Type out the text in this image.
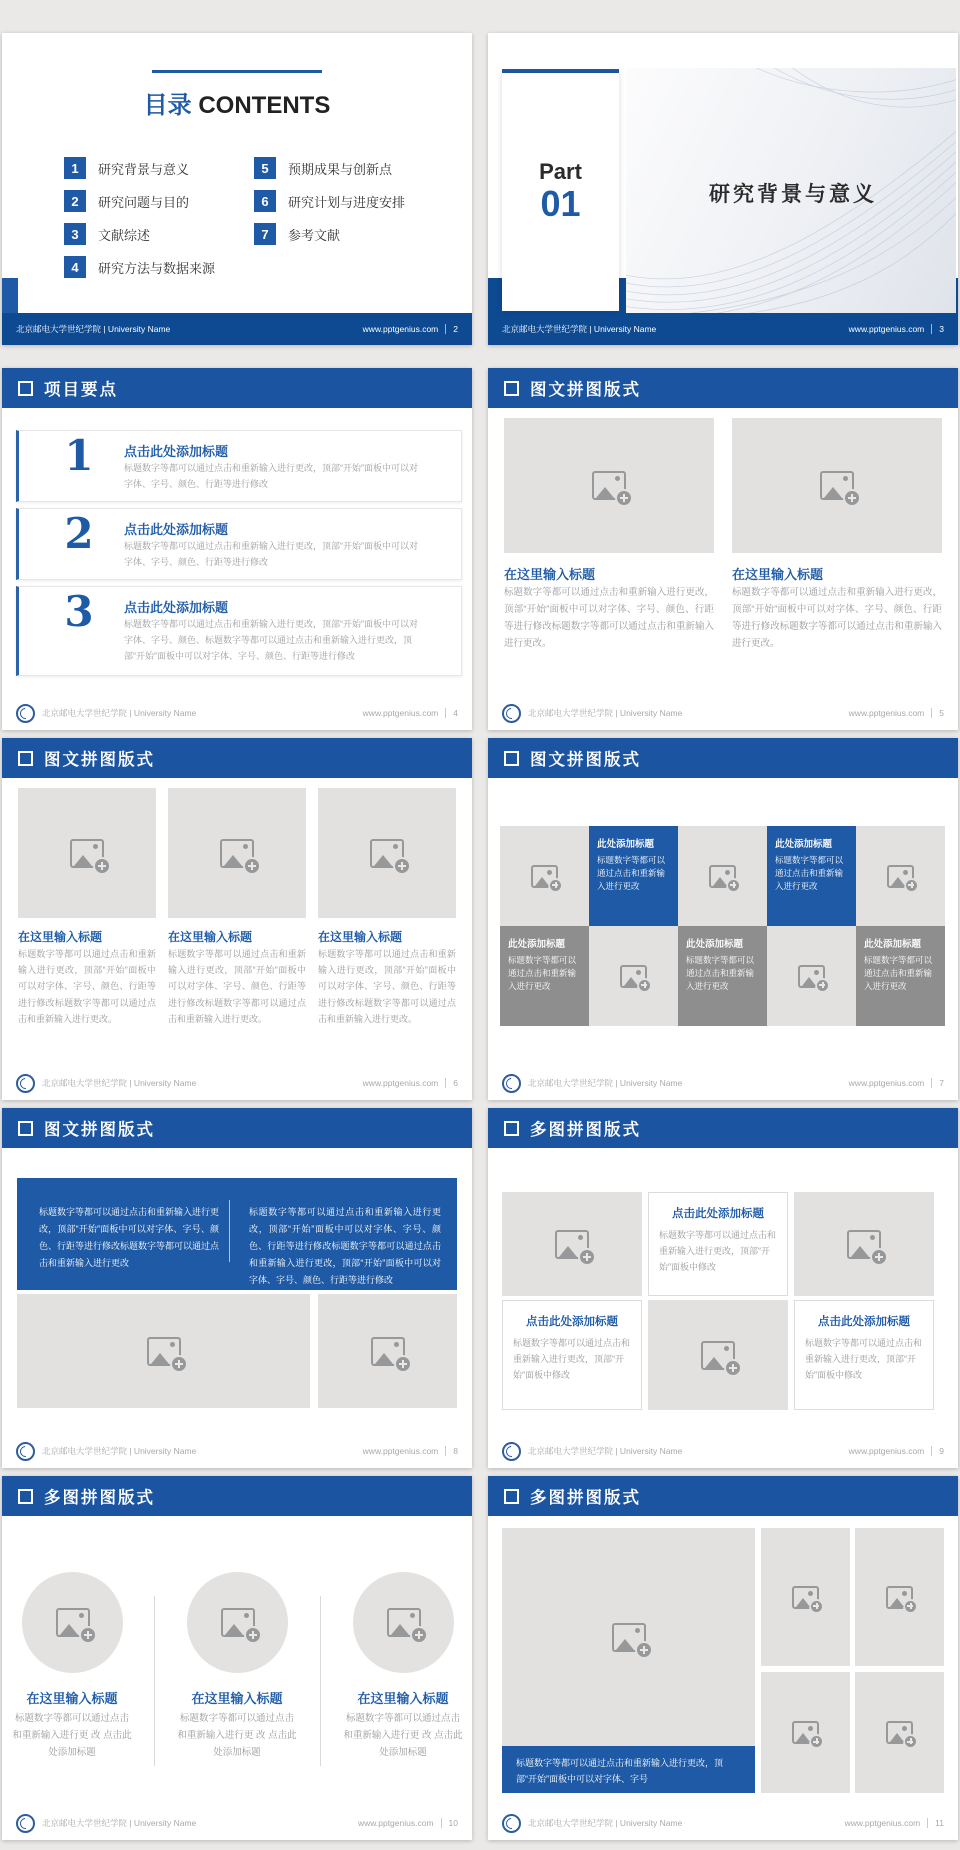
目录 CONTENTS
1	研究背景与意义
2	研究问题与目的
3	文献综述
4	研究方法与数据来源
5	预期成果与创新点
6	研究计划与进度安排
7	参考文献
北京邮电大学世纪学院 | University Name	www.pptgenius.com 2
Part
01	研究背景与意义
北京邮电大学世纪学院 | University Name	www.pptgenius.com 3
项目要点
1	点击此处添加标题
标题数字等都可以通过点击和重新输入进行更改，顶部“开始”面板中可以对字体、字号、颜色、行距等进行修改
2	点击此处添加标题
标题数字等都可以通过点击和重新输入进行更改，顶部“开始”面板中可以对字体、字号、颜色、行距等进行修改
3	点击此处添加标题
标题数字等都可以通过点击和重新输入进行更改，顶部“开始”面板中可以对字体、字号、颜色、标题数字等都可以通过点击和重新输入进行更改，顶部“开始”面板中可以对字体、字号、颜色、行距等进行修改
北京邮电大学世纪学院 | University Name	www.pptgenius.com 4
图文拼图版式
在这里输入标题	在这里输入标题
标题数字等都可以通过点击和重新输入进行更改，顶部“开始”面板中可以对字体、字号、颜色、行距等进行修改标题数字等都可以通过点击和重新输入进行更改。
标题数字等都可以通过点击和重新输入进行更改，顶部“开始”面板中可以对字体、字号、颜色、行距等进行修改标题数字等都可以通过点击和重新输入进行更改。
北京邮电大学世纪学院 | University Name	www.pptgenius.com 5
图文拼图版式
在这里输入标题	在这里输入标题	在这里输入标题
标题数字等都可以通过点击和重新输入进行更改，顶部“开始”面板中可以对字体、字号、颜色、行距等进行修改标题数字等都可以通过点击和重新输入进行更改。
标题数字等都可以通过点击和重新输入进行更改，顶部“开始”面板中可以对字体、字号、颜色、行距等进行修改标题数字等都可以通过点击和重新输入进行更改。
标题数字等都可以通过点击和重新输入进行更改，顶部“开始”面板中可以对字体、字号、颜色、行距等进行修改标题数字等都可以通过点击和重新输入进行更改。
北京邮电大学世纪学院 | University Name	www.pptgenius.com 6
图文拼图版式
此处添加标题
标题数字等都可以通过点击和重新输入进行更改
此处添加标题
标题数字等都可以通过点击和重新输入进行更改
此处添加标题
标题数字等都可以通过点击和重新输入进行更改
此处添加标题
标题数字等都可以通过点击和重新输入进行更改
此处添加标题
标题数字等都可以通过点击和重新输入进行更改
北京邮电大学世纪学院 | University Name	www.pptgenius.com 7
图文拼图版式
标题数字等都可以通过点击和重新输入进行更改，顶部“开始”面板中可以对字体、字号、颜色、行距等进行修改标题数字等都可以通过点击和重新输入进行更改
标题数字等都可以通过点击和重新输入进行更改，顶部“开始”面板中可以对字体、字号、颜色、行距等进行修改标题数字等都可以通过点击和重新输入进行更改，顶部“开始”面板中可以对字体、字号、颜色、行距等进行修改
北京邮电大学世纪学院 | University Name	www.pptgenius.com 8
多图拼图版式
点击此处添加标题
标题数字等都可以通过点击和重新输入进行更改，顶部“开始”面板中修改
点击此处添加标题
标题数字等都可以通过点击和重新输入进行更改，顶部“开始”面板中修改
点击此处添加标题
标题数字等都可以通过点击和重新输入进行更改，顶部“开始”面板中修改
北京邮电大学世纪学院 | University Name	www.pptgenius.com 9
多图拼图版式
在这里输入标题	在这里输入标题	在这里输入标题
标题数字等都可以通过点击和重新输入进行更 改 点击此处添加标题
标题数字等都可以通过点击和重新输入进行更 改 点击此处添加标题
标题数字等都可以通过点击和重新输入进行更 改 点击此处添加标题
北京邮电大学世纪学院 | University Name	www.pptgenius.com 10
多图拼图版式
标题数字等都可以通过点击和重新输入进行更改，顶部“开始”面板中可以对字体、字号
北京邮电大学世纪学院 | University Name	www.pptgenius.com 11
